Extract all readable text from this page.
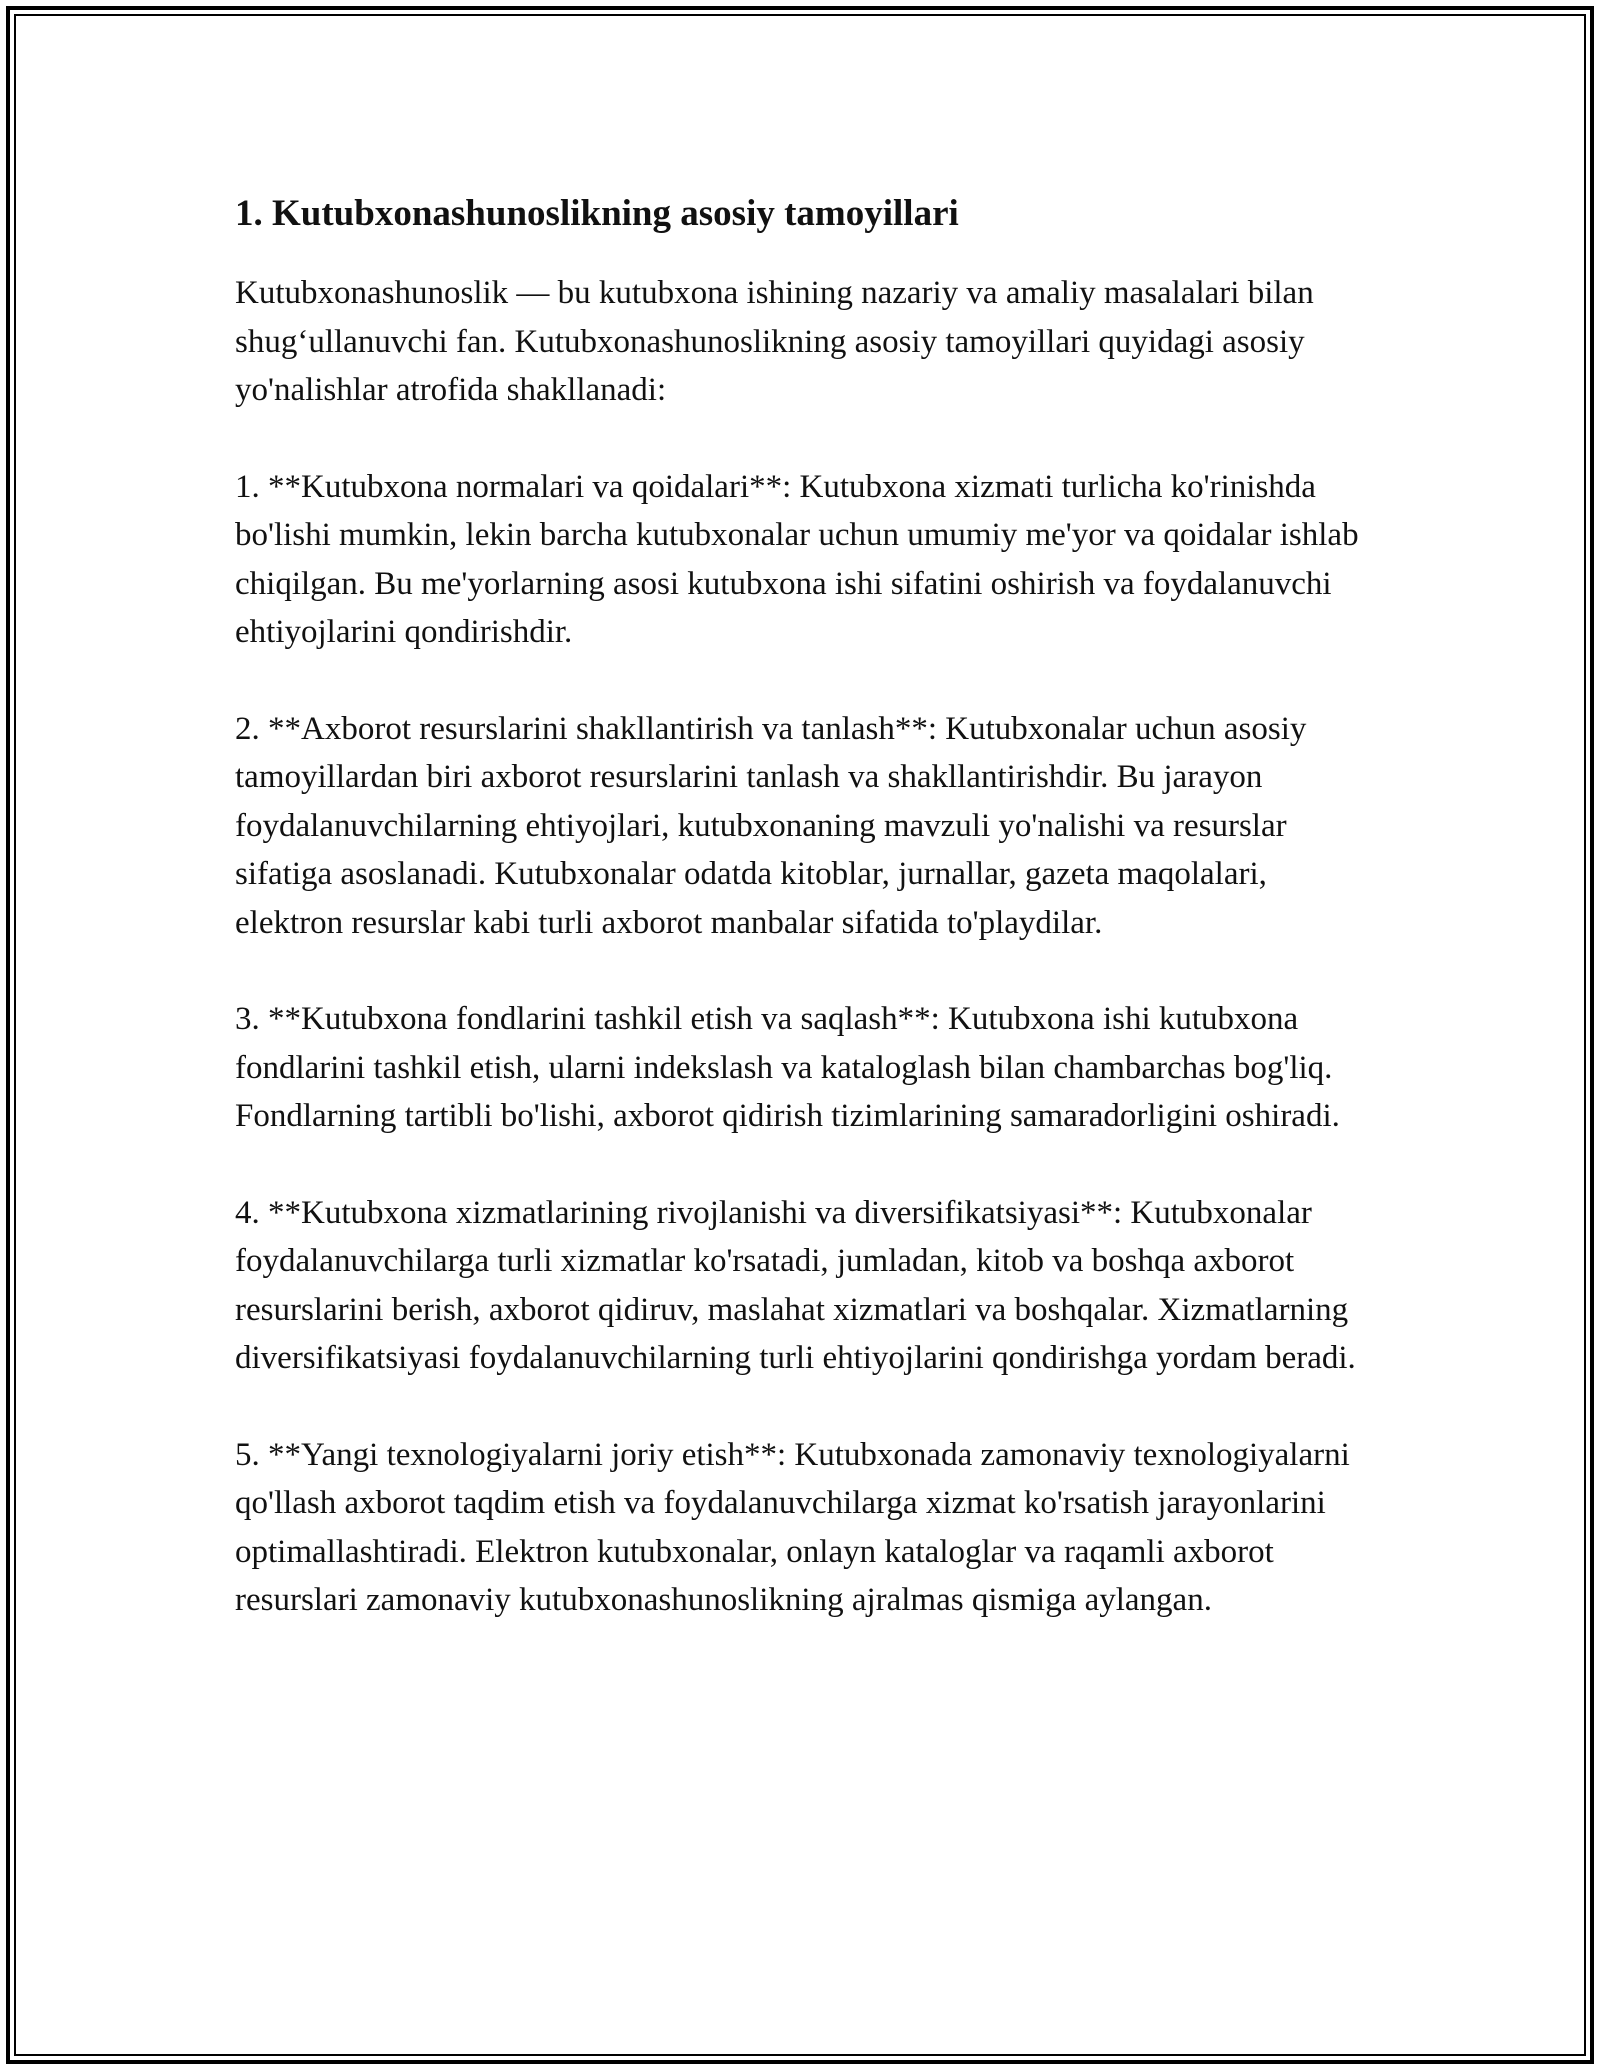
1. Kutubxonashunoslikning asosiy tamoyillari

Kutubxonashunoslik — bu kutubxona ishining nazariy va amaliy masalalari bilan shug‘ullanuvchi fan. Kutubxonashunoslikning asosiy tamoyillari quyidagi asosiy yo'nalishlar atrofida shakllanadi:

1. **Kutubxona normalari va qoidalari**: Kutubxona xizmati turlicha ko'rinishda bo'lishi mumkin, lekin barcha kutubxonalar uchun umumiy me'yor va qoidalar ishlab chiqilgan. Bu me'yorlarning asosi kutubxona ishi sifatini oshirish va foydalanuvchi ehtiyojlarini qondirishdir.

2. **Axborot resurslarini shakllantirish va tanlash**: Kutubxonalar uchun asosiy tamoyillardan biri axborot resurslarini tanlash va shakllantirishdir. Bu jarayon foydalanuvchilarning ehtiyojlari, kutubxonaning mavzuli yo'nalishi va resurslar sifatiga asoslanadi. Kutubxonalar odatda kitoblar, jurnallar, gazeta maqolalari, elektron resurslar kabi turli axborot manbalar sifatida to'playdilar.

3. **Kutubxona fondlarini tashkil etish va saqlash**: Kutubxona ishi kutubxona fondlarini tashkil etish, ularni indekslash va kataloglash bilan chambarchas bog'liq. Fondlarning tartibli bo'lishi, axborot qidirish tizimlarining samaradorligini oshiradi.

4. **Kutubxona xizmatlarining rivojlanishi va diversifikatsiyasi**: Kutubxonalar foydalanuvchilarga turli xizmatlar ko'rsatadi, jumladan, kitob va boshqa axborot resurslarini berish, axborot qidiruv, maslahat xizmatlari va boshqalar. Xizmatlarning diversifikatsiyasi foydalanuvchilarning turli ehtiyojlarini qondirishga yordam beradi.

5. **Yangi texnologiyalarni joriy etish**: Kutubxonada zamonaviy texnologiyalarni qo'llash axborot taqdim etish va foydalanuvchilarga xizmat ko'rsatish jarayonlarini optimallashtiradi. Elektron kutubxonalar, onlayn kataloglar va raqamli axborot resurslari zamonaviy kutubxonashunoslikning ajralmas qismiga aylangan.
